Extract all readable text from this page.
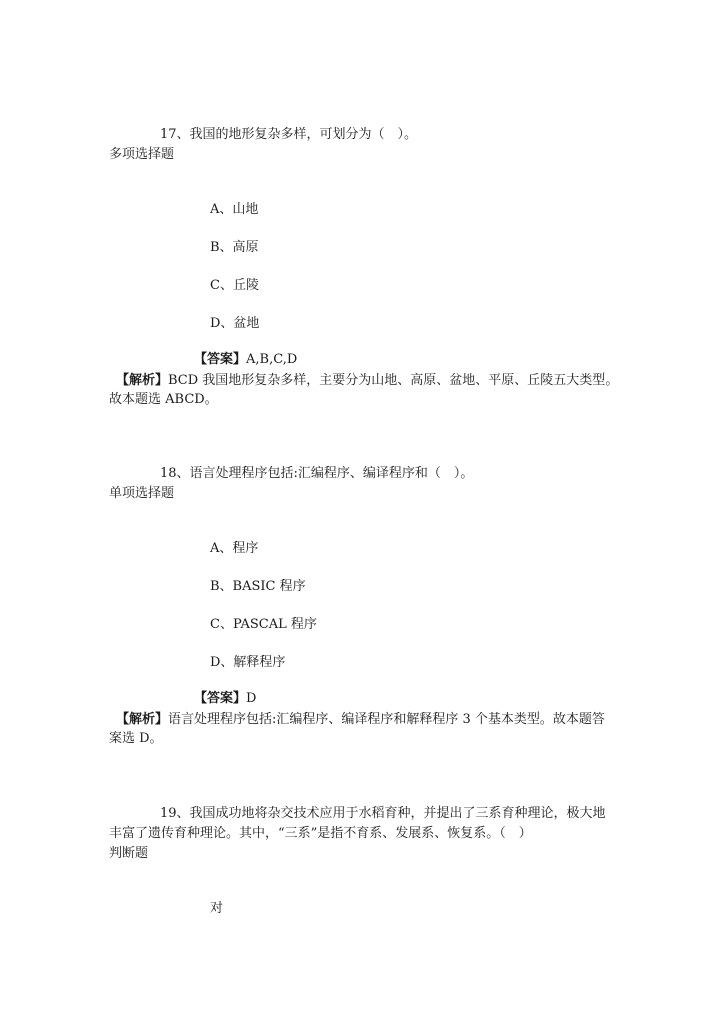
17、我国的地形复杂多样，可划分为（　）。
多项选择题
A、山地
B、高原
C、丘陵
D、盆地
【答案】A,B,C,D
【解析】BCD 我国地形复杂多样，主要分为山地、高原、盆地、平原、丘陵五大类型。
故本题选 ABCD。
18、语言处理程序包括:汇编程序、编译程序和（　）。
单项选择题
A、程序
B、BASIC 程序
C、PASCAL 程序
D、解释程序
【答案】D
【解析】语言处理程序包括:汇编程序、编译程序和解释程序 3 个基本类型。故本题答
案选 D。
19、我国成功地将杂交技术应用于水稻育种，并提出了三系育种理论，极大地
丰富了遗传育种理论。其中，“三系”是指不育系、发展系、恢复系。（　）
判断题
对
